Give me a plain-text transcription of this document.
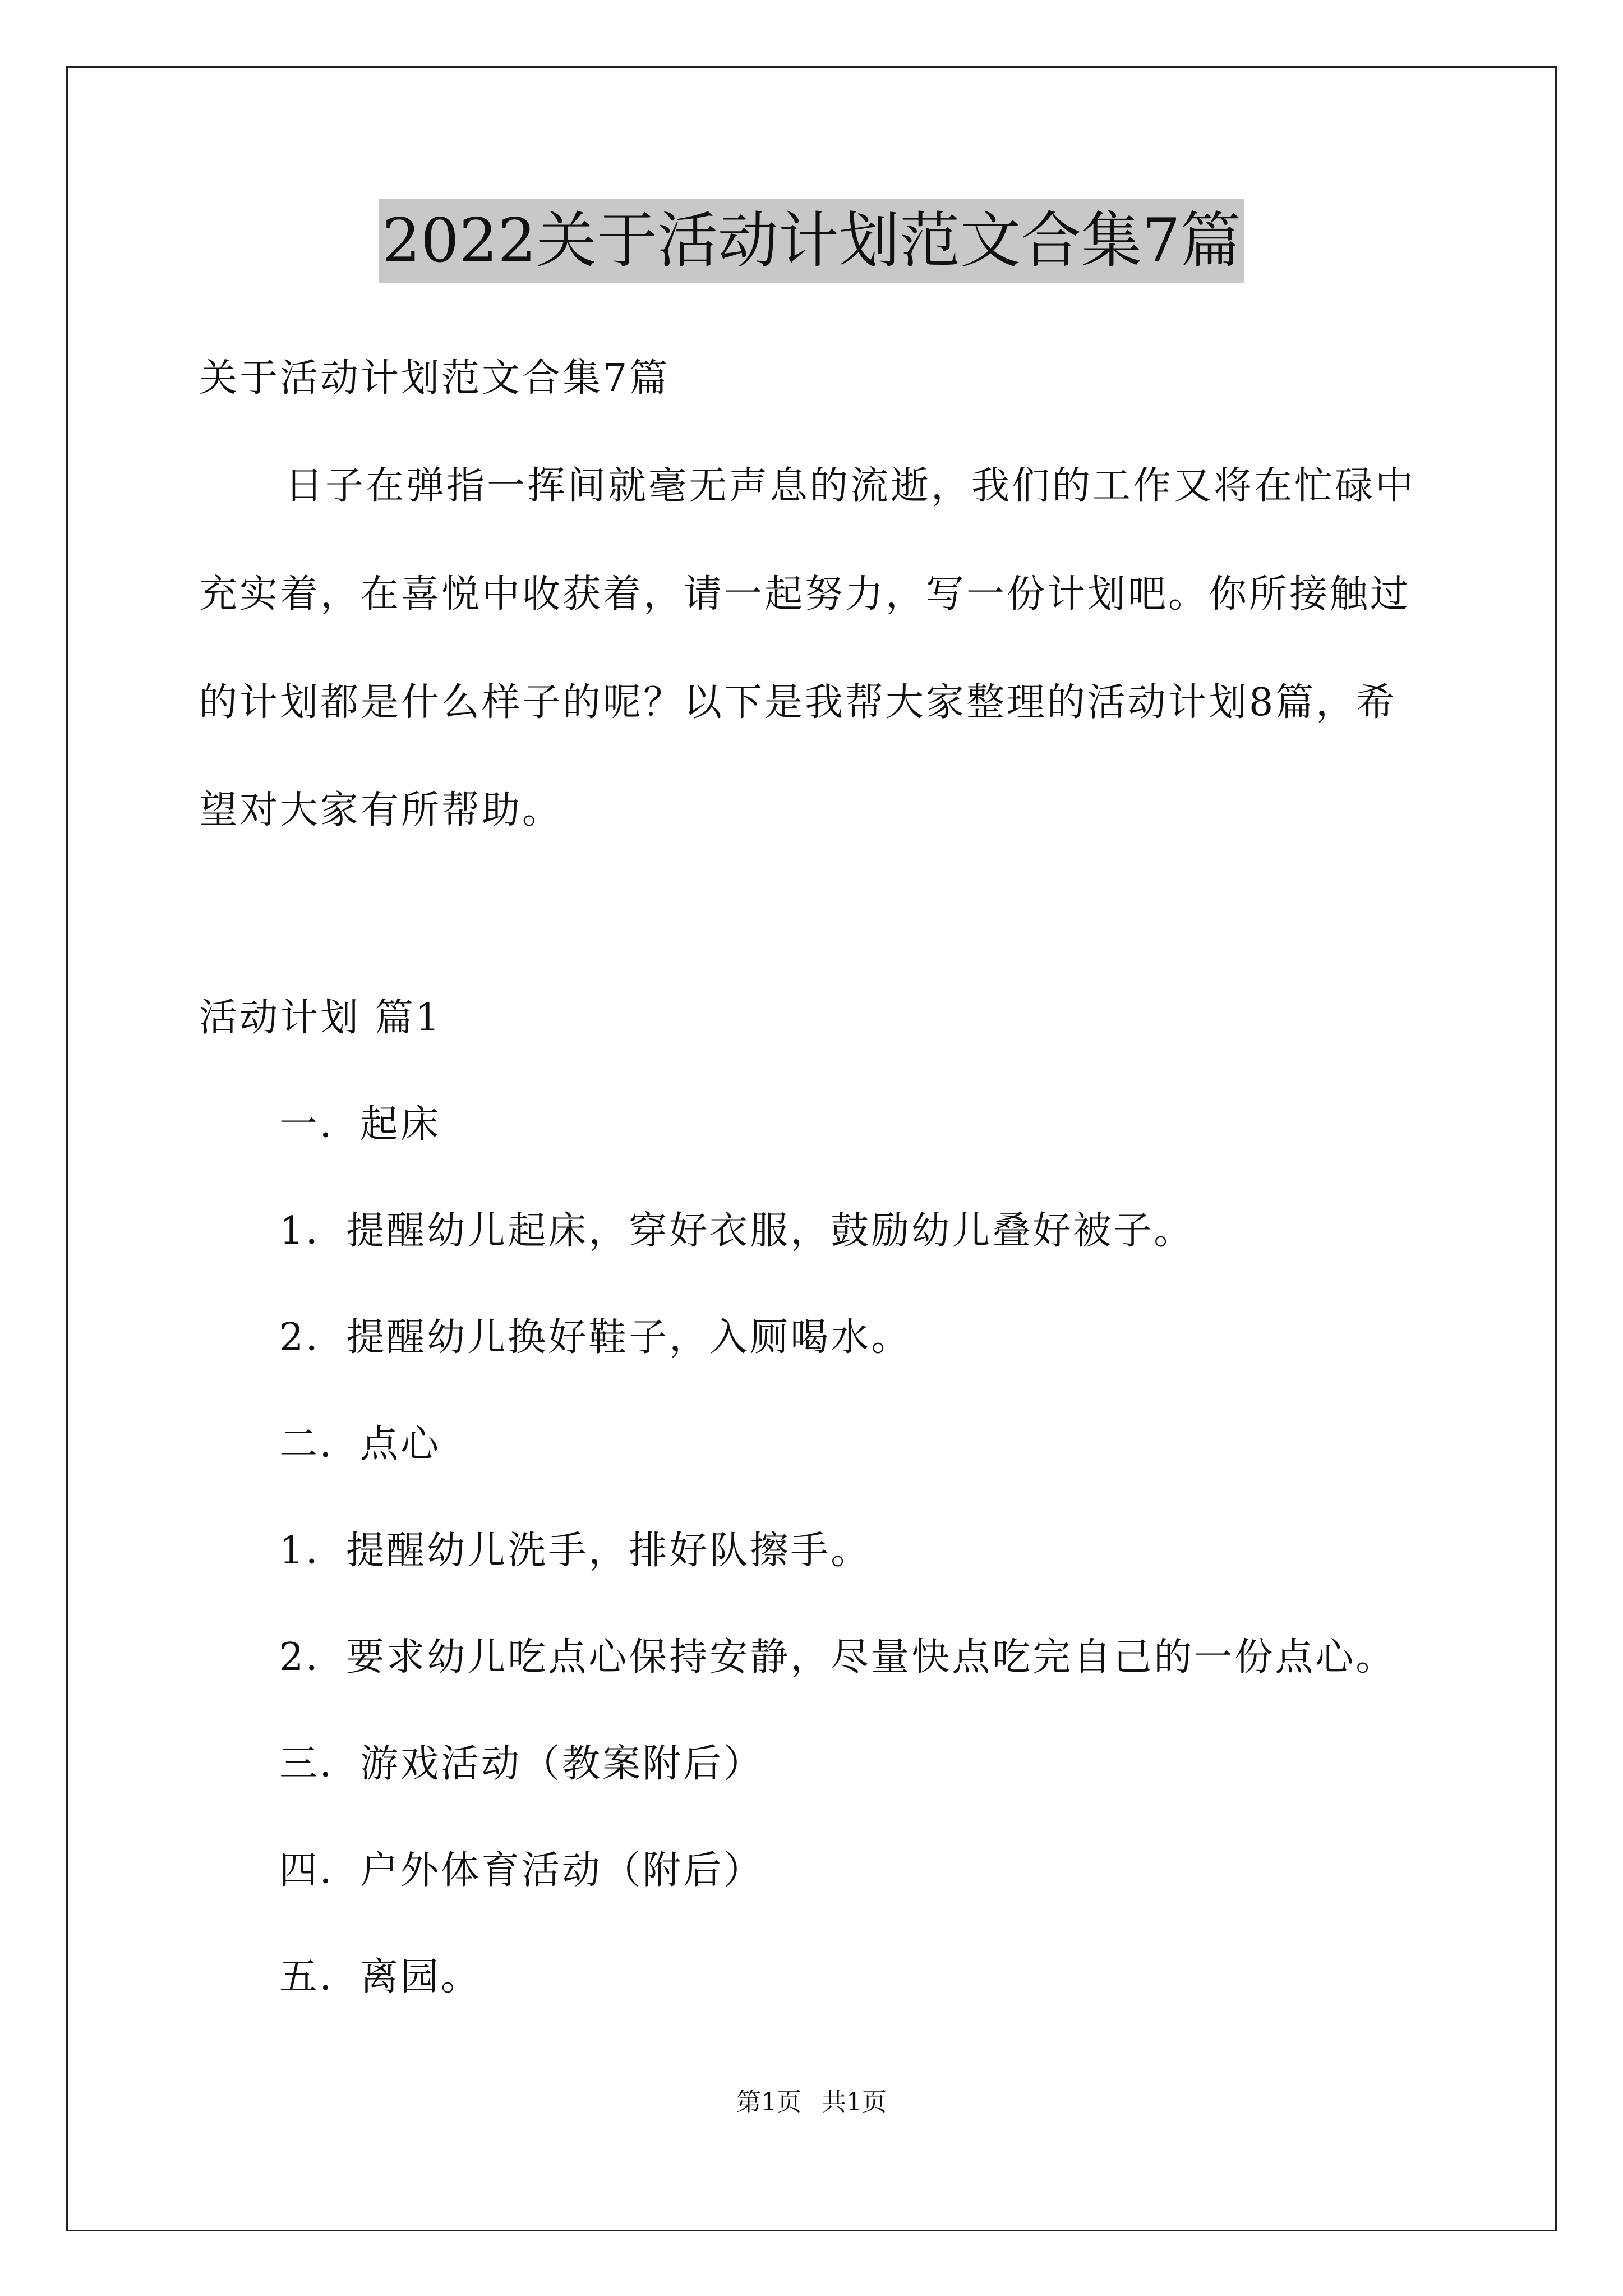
2022关于活动计划范文合集7篇
关于活动计划范文合集7篇
日子在弹指一挥间就毫无声息的流逝，我们的工作又将在忙碌中
充实着，在喜悦中收获着，请一起努力，写一份计划吧。你所接触过
的计划都是什么样子的呢？以下是我帮大家整理的活动计划8篇，希
望对大家有所帮助。
活动计划 篇1
一．起床
1．提醒幼儿起床，穿好衣服，鼓励幼儿叠好被子。
2．提醒幼儿换好鞋子，入厕喝水。
二．点心
1．提醒幼儿洗手，排好队擦手。
2．要求幼儿吃点心保持安静，尽量快点吃完自己的一份点心。
三．游戏活动（教案附后）
四．户外体育活动（附后）
五．离园。
第1页 共1页
